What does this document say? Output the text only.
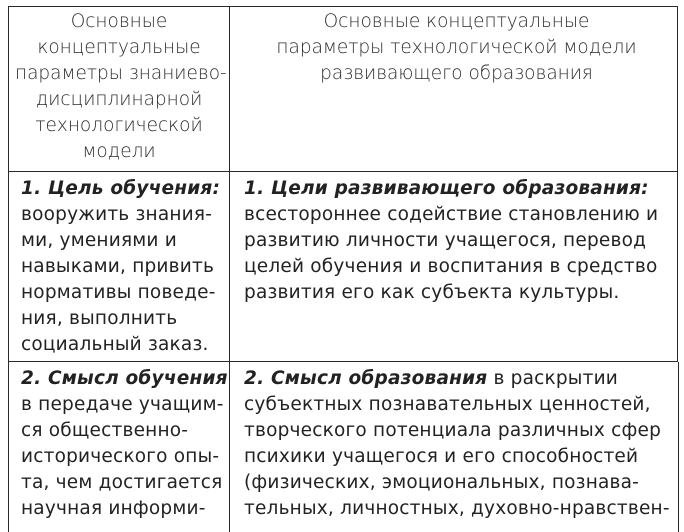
Основные
концептуальные
параметры знаниево-
дисциплинарной
технологической
модели
Основные концептуальные
параметры технологической модели
развивающего образования
1. Цель обучения:
вооружить знания-
ми, умениями и
навыками, привить
нормативы поведе-
ния, выполнить
социальный заказ.
1. Цели развивающего образования:
всестороннее содействие становлению и
развитию личности учащегося, перевод
целей обучения и воспитания в средство
развития его как субъекта культуры.
2. Смысл обучения
в передаче учащим-
ся общественно-
исторического опы-
та, чем достигается
научная информи-
2. Смысл образования в раскрытии
субъектных познавательных ценностей,
творческого потенциала различных сфер
психики учащегося и его способностей
(физических, эмоциональных, познава-
тельных, личностных, духовно-нравствен-
